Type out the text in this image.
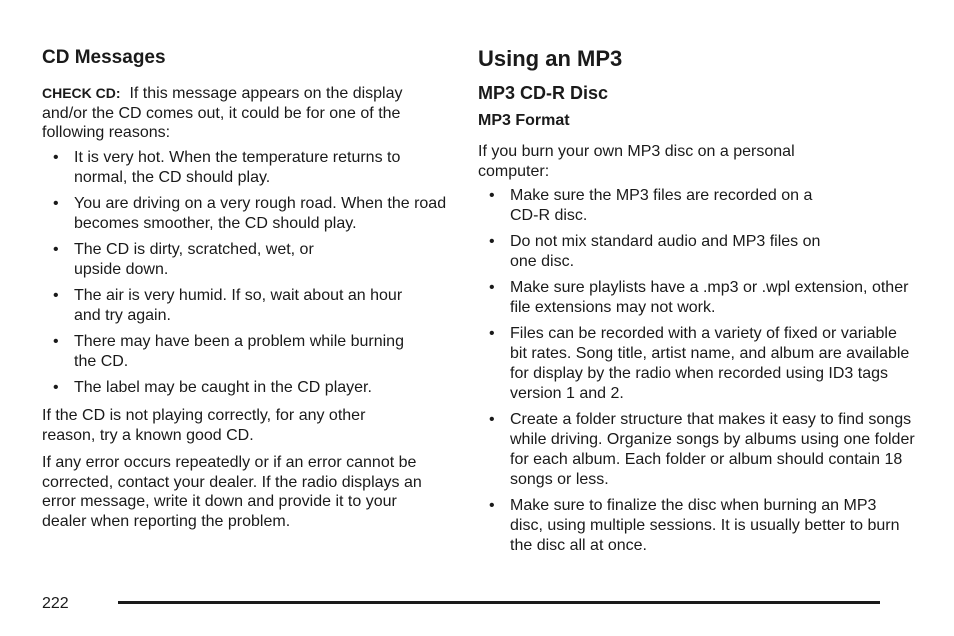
CD Messages

CHECK CD: If this message appears on the display and/or the CD comes out, it could be for one of the following reasons:

• It is very hot. When the temperature returns to normal, the CD should play.
• You are driving on a very rough road. When the road becomes smoother, the CD should play.
• The CD is dirty, scratched, wet, or upside down.
• The air is very humid. If so, wait about an hour and try again.
• There may have been a problem while burning the CD.
• The label may be caught in the CD player.

If the CD is not playing correctly, for any other reason, try a known good CD.

If any error occurs repeatedly or if an error cannot be corrected, contact your dealer. If the radio displays an error message, write it down and provide it to your dealer when reporting the problem.

Using an MP3
MP3 CD-R Disc
MP3 Format

If you burn your own MP3 disc on a personal computer:

• Make sure the MP3 files are recorded on a CD-R disc.
• Do not mix standard audio and MP3 files on one disc.
• Make sure playlists have a .mp3 or .wpl extension, other file extensions may not work.
• Files can be recorded with a variety of fixed or variable bit rates. Song title, artist name, and album are available for display by the radio when recorded using ID3 tags version 1 and 2.
• Create a folder structure that makes it easy to find songs while driving. Organize songs by albums using one folder for each album. Each folder or album should contain 18 songs or less.
• Make sure to finalize the disc when burning an MP3 disc, using multiple sessions. It is usually better to burn the disc all at once.
222
